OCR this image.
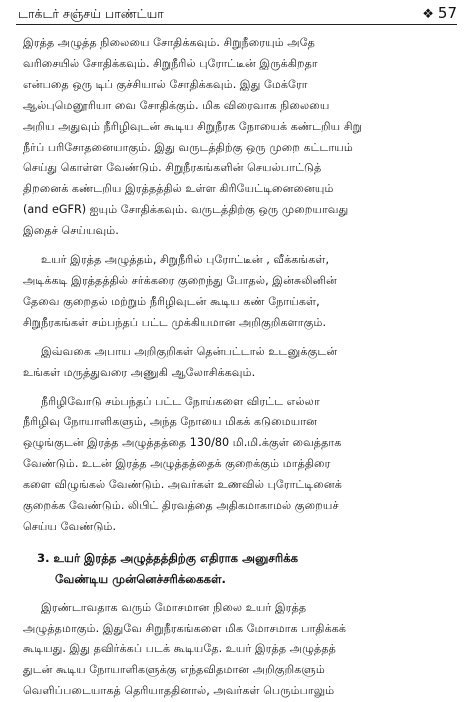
டாக்டர் சஞ்சய் பாண்ட்யா	❖ 57

இரத்த அழுத்த நிலையை சோதிக்கவும். சிறுநீரையும் அதே

வரிசையில் சோதிக்கவும். சிறுநீரில் புரோட்டீன் இருக்கிறதா

என்பதை ஒரு டிப் குச்சியால் சோதிக்கவும். இது மேக்ரோ

ஆல்புமெனூரியா வை சோதிக்கும். மிக விரைவாக நிலையை

அறிய அதுவும் நீரிழிவுடன் கூடிய சிறுநீரக நோயைக் கண்டறிய சிறு

நீர்ப் பரிசோதனையாகும். இது வருடத்திற்கு ஒரு முறை கட்டாயம்

செய்து கொள்ள வேண்டும். சிறுநீரகங்களின் செயல்பாட்டுத்

திறனைக் கண்டறிய இரத்தத்தில் உள்ள கிரியேட்டினைனையும்

(and eGFR) ஐயும் சோதிக்கவும். வருடத்திற்கு ஒரு முறையாவது

இதைச் செய்யவும்.

உயர் இரத்த அழுத்தம், சிறுநீரில் புரோட்டீன் , வீக்கங்கள்,

அடிக்கடி இரத்தத்தில் சர்க்கரை குறைந்து போதல், இன்சுலினின்

தேவை குறைதல் மற்றும் நீரிழிவுடன் கூடிய கண் நோய்கள்,

சிறுநீரகங்கள் சம்பந்தப் பட்ட முக்கியமான அறிகுறிகளாகும்.

இவ்வகை அபாய அறிகுறிகள் தென்பட்டால் உடனுக்குடன்

உங்கள் மருத்துவரை அணுகி ஆலோசிக்கவும்.

நீரிழிவோடு சம்பந்தப் பட்ட நோய்களை விரட்ட எல்லா

நீரிழிவு நோயாளிகளும், அந்த நோயை மிகக் கடுமையான

ஒழுங்குடன் இரத்த அழுத்தத்தை 130/80 மி.மி.க்குள் வைத்தாக

வேண்டும். உடன் இரத்த அழுத்தத்தைக் குறைக்கும் மாத்திரை

களை விழுங்கல் வேண்டும். அவர்கள் உணவில் புரோட்டினைக்

குறைக்க வேண்டும். லிபிட் திரவத்தை அதிகமாகாமல் குறையச்

செய்ய வேண்டும்.

3. உயர் இரத்த அழுத்தத்திற்கு எதிராக அனுசரிக்க

வேண்டிய முன்னெச்சரிக்கைகள்.

இரண்டாவதாக வரும் மோசமான நிலை உயர் இரத்த

அழுத்தமாகும். இதுவே சிறுநீரகங்களை மிக மோசமாக பாதிக்கக்

கூடியது. இது தவிர்க்கப் படக் கூடியதே. உயர் இரத்த அழுத்தத்

துடன் கூடிய நோயாளிகளுக்கு எந்தவிதமான அறிகுறிகளும்

வெளிப்படையாகத் தெரியாததினால், அவர்கள் பெரும்பாலும்
